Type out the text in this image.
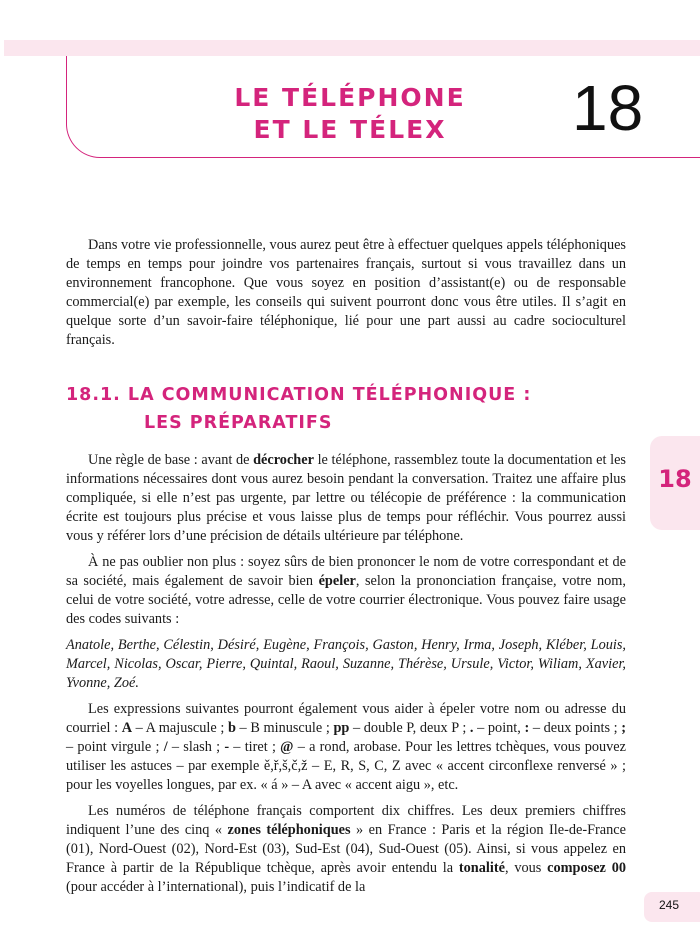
LE TÉLÉPHONE
ET LE TÉLEX	18
18

Dans votre vie professionnelle, vous aurez peut être à effectuer quelques appels téléphoniques de temps en temps pour joindre vos partenaires français, surtout si vous travaillez dans un environnement francophone. Que vous soyez en position d’assistant(e) ou de responsable commercial(e) par exemple, les conseils qui suivent pourront donc vous être utiles. Il s’agit en quelque sorte d’un savoir-faire téléphonique, lié pour une part aussi au cadre socioculturel français.

18.1. LA COMMUNICATION TÉLÉPHONIQUE :
LES PRÉPARATIFS

Une règle de base : avant de décrocher le téléphone, rassemblez toute la documentation et les informations nécessaires dont vous aurez besoin pendant la conversation. Traitez une affaire plus compliquée, si elle n’est pas urgente, par lettre ou télécopie de préférence : la communication écrite est toujours plus précise et vous laisse plus de temps pour réfléchir. Vous pourrez aussi vous y référer lors d’une précision de détails ultérieure par téléphone.

À ne pas oublier non plus : soyez sûrs de bien prononcer le nom de votre correspondant et de sa société, mais également de savoir bien épeler, selon la prononciation française, votre nom, celui de votre société, votre adresse, celle de votre courrier électronique. Vous pouvez faire usage des codes suivants :

Anatole, Berthe, Célestin, Désiré, Eugène, François, Gaston, Henry, Irma, Joseph, Kléber, Louis, Marcel, Nicolas, Oscar, Pierre, Quintal, Raoul, Suzanne, Thérèse, Ursule, Victor, Wiliam, Xavier, Yvonne, Zoé.

Les expressions suivantes pourront également vous aider à épeler votre nom ou adresse du courriel : A – A majuscule ; b – B minuscule ; pp – double P, deux P ; . – point, : – deux points ; ; – point virgule ; / – slash ; - – tiret ; @ – a rond, arobase. Pour les lettres tchèques, vous pouvez utiliser les astuces – par exemple ě,ř,š,č,ž – E, R, S, C, Z avec « accent circonflexe renversé » ; pour les voyelles longues, par ex. « á » – A avec « accent aigu », etc.

Les numéros de téléphone français comportent dix chiffres. Les deux premiers chiffres indiquent l’une des cinq « zones téléphoniques » en France : Paris et la région Ile-de-France (01), Nord-Ouest (02), Nord-Est (03), Sud-Est (04), Sud-Ouest (05). Ainsi, si vous appelez en France à partir de la République tchèque, après avoir entendu la tonalité, vous composez 00 (pour accéder à l’international), puis l’indicatif de la

245
